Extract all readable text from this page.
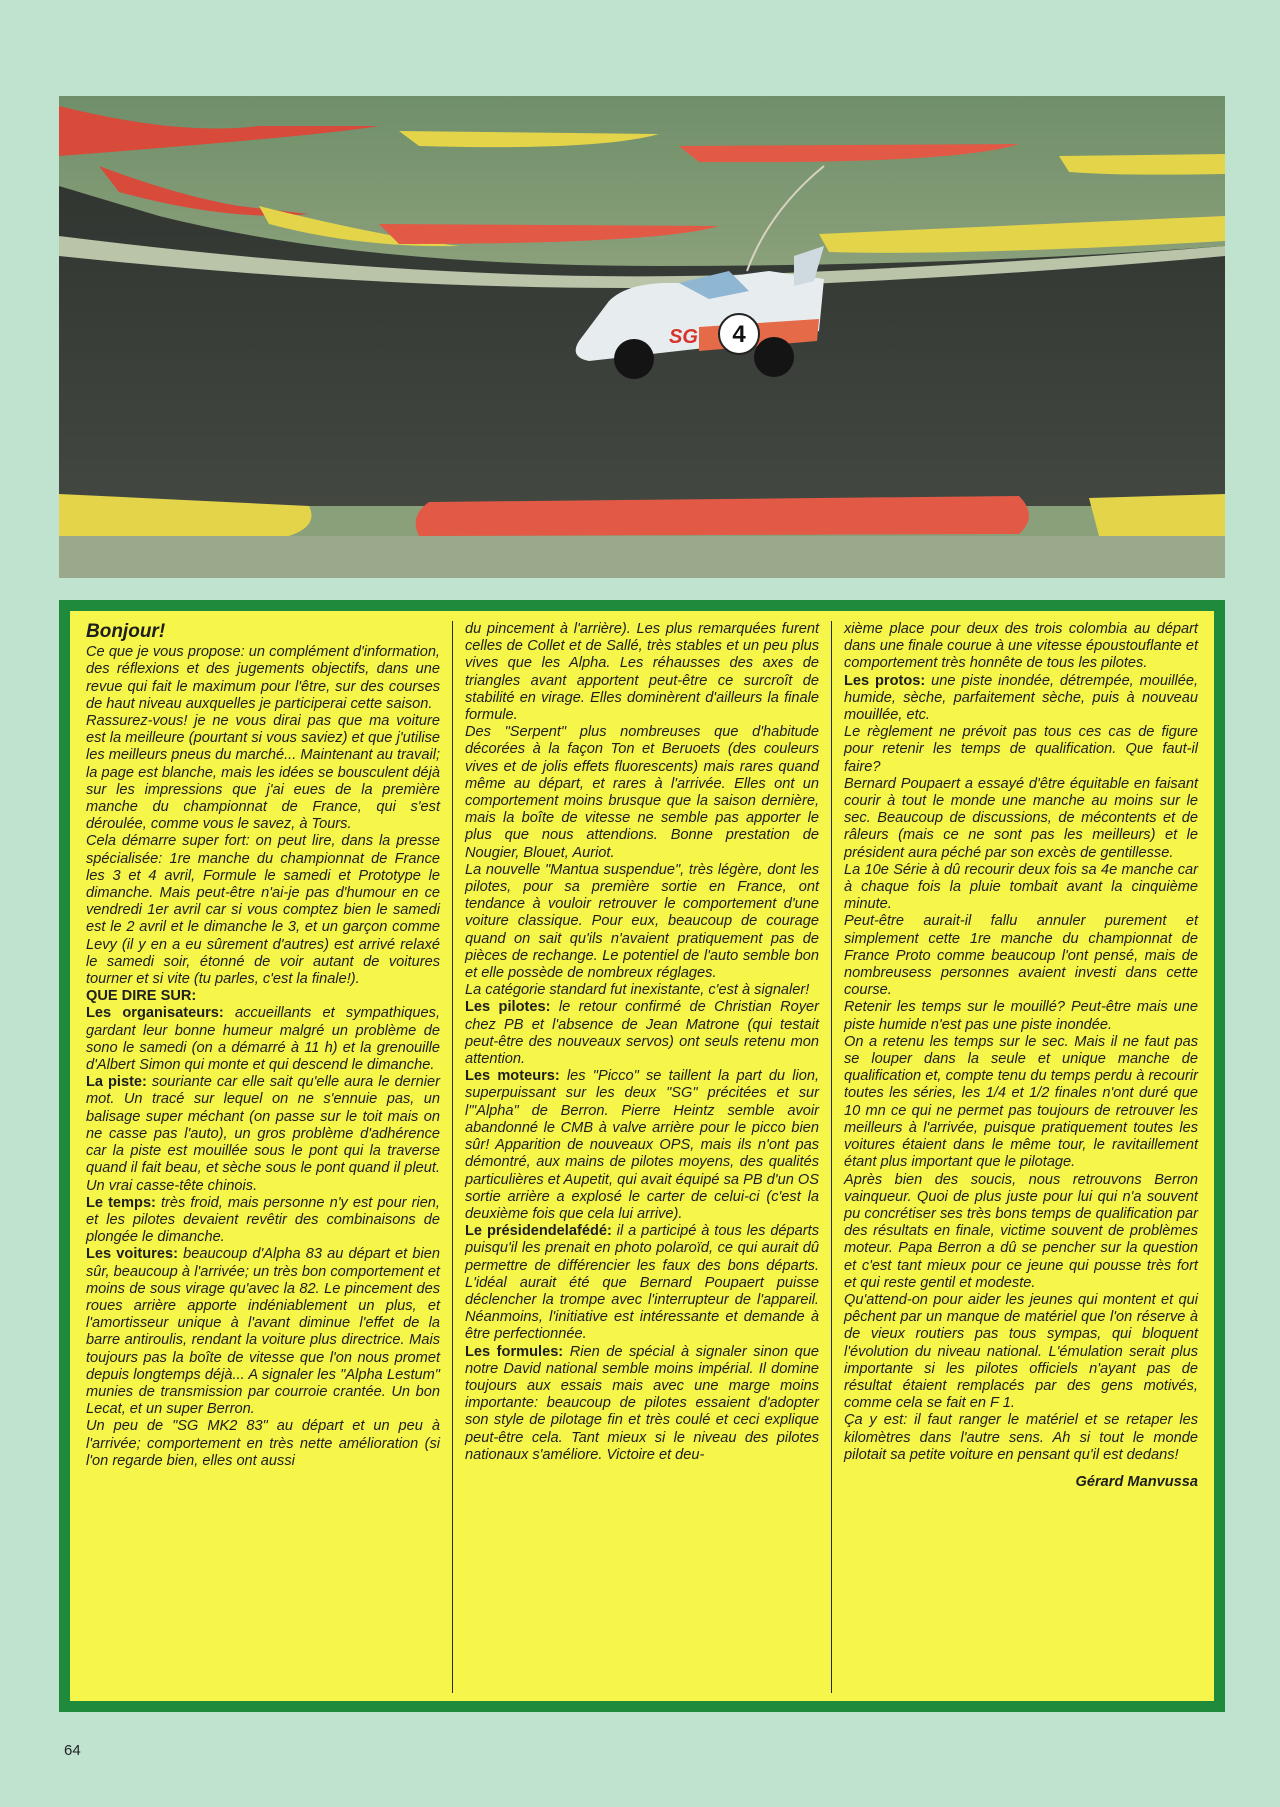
4
SG
Bonjour!

Ce que je vous propose: un complément d'information, des réflexions et des jugements objectifs, dans une revue qui fait le maximum pour l'être, sur des courses de haut niveau auxquelles je participerai cette saison.

Rassurez-vous! je ne vous dirai pas que ma voiture est la meilleure (pourtant si vous saviez) et que j'utilise les meilleurs pneus du marché... Maintenant au travail; la page est blanche, mais les idées se bousculent déjà sur les impressions que j'ai eues de la première manche du championnat de France, qui s'est déroulée, comme vous le savez, à Tours.

Cela démarre super fort: on peut lire, dans la presse spécialisée: 1re manche du championnat de France les 3 et 4 avril, Formule le samedi et Prototype le dimanche. Mais peut-être n'ai-je pas d'humour en ce vendredi 1er avril car si vous comptez bien le samedi est le 2 avril et le dimanche le 3, et un garçon comme Levy (il y en a eu sûrement d'autres) est arrivé relaxé le samedi soir, étonné de voir autant de voitures tourner et si vite (tu parles, c'est la finale!).

QUE DIRE SUR:

Les organisateurs: accueillants et sympathiques, gardant leur bonne humeur malgré un problème de sono le samedi (on a démarré à 11 h) et la grenouille d'Albert Simon qui monte et qui descend le dimanche.

La piste: souriante car elle sait qu'elle aura le dernier mot. Un tracé sur lequel on ne s'ennuie pas, un balisage super méchant (on passe sur le toit mais on ne casse pas l'auto), un gros problème d'adhérence car la piste est mouillée sous le pont qui la traverse quand il fait beau, et sèche sous le pont quand il pleut. Un vrai casse-tête chinois.

Le temps: très froid, mais personne n'y est pour rien, et les pilotes devaient revêtir des combinaisons de plongée le dimanche.

Les voitures: beaucoup d'Alpha 83 au départ et bien sûr, beaucoup à l'arrivée; un très bon comportement et moins de sous virage qu'avec la 82. Le pincement des roues arrière apporte indéniablement un plus, et l'amortisseur unique à l'avant diminue l'effet de la barre antiroulis, rendant la voiture plus directrice. Mais toujours pas la boîte de vitesse que l'on nous promet depuis longtemps déjà... A signaler les "Alpha Lestum" munies de transmission par courroie crantée. Un bon Lecat, et un super Berron.

Un peu de "SG MK2 83" au départ et un peu à l'arrivée; comportement en très nette amélioration (si l'on regarde bien, elles ont aussi

du pincement à l'arrière). Les plus remarquées furent celles de Collet et de Sallé, très stables et un peu plus vives que les Alpha. Les réhausses des axes de triangles avant apportent peut-être ce surcroît de stabilité en virage. Elles dominèrent d'ailleurs la finale formule.

Des "Serpent" plus nombreuses que d'habitude décorées à la façon Ton et Beruoets (des couleurs vives et de jolis effets fluorescents) mais rares quand même au départ, et rares à l'arrivée. Elles ont un comportement moins brusque que la saison dernière, mais la boîte de vitesse ne semble pas apporter le plus que nous attendions. Bonne prestation de Nougier, Blouet, Auriot.

La nouvelle "Mantua suspendue", très légère, dont les pilotes, pour sa première sortie en France, ont tendance à vouloir retrouver le comportement d'une voiture classique. Pour eux, beaucoup de courage quand on sait qu'ils n'avaient pratiquement pas de pièces de rechange. Le potentiel de l'auto semble bon et elle possède de nombreux réglages.

La catégorie standard fut inexistante, c'est à signaler!

Les pilotes: le retour confirmé de Christian Royer chez PB et l'absence de Jean Matrone (qui testait peut-être des nouveaux servos) ont seuls retenu mon attention.

Les moteurs: les "Picco" se taillent la part du lion, superpuissant sur les deux "SG" précitées et sur l'"Alpha" de Berron. Pierre Heintz semble avoir abandonné le CMB à valve arrière pour le picco bien sûr! Apparition de nouveaux OPS, mais ils n'ont pas démontré, aux mains de pilotes moyens, des qualités particulières et Aupetit, qui avait équipé sa PB d'un OS sortie arrière a explosé le carter de celui-ci (c'est la deuxième fois que cela lui arrive).

Le présidendelafédé: il a participé à tous les départs puisqu'il les prenait en photo polaroïd, ce qui aurait dû permettre de différencier les faux des bons départs. L'idéal aurait été que Bernard Poupaert puisse déclencher la trompe avec l'interrupteur de l'appareil. Néanmoins, l'initiative est intéressante et demande à être perfectionnée.

Les formules: Rien de spécial à signaler sinon que notre David national semble moins impérial. Il domine toujours aux essais mais avec une marge moins importante: beaucoup de pilotes essaient d'adopter son style de pilotage fin et très coulé et ceci explique peut-être cela. Tant mieux si le niveau des pilotes nationaux s'améliore. Victoire et deu-

xième place pour deux des trois colombia au départ dans une finale courue à une vitesse époustouflante et comportement très honnête de tous les pilotes.

Les protos: une piste inondée, détrempée, mouillée, humide, sèche, parfaitement sèche, puis à nouveau mouillée, etc.

Le règlement ne prévoit pas tous ces cas de figure pour retenir les temps de qualification. Que faut-il faire?

Bernard Poupaert a essayé d'être équitable en faisant courir à tout le monde une manche au moins sur le sec. Beaucoup de discussions, de mécontents et de râleurs (mais ce ne sont pas les meilleurs) et le président aura péché par son excès de gentillesse.

La 10e Série à dû recourir deux fois sa 4e manche car à chaque fois la pluie tombait avant la cinquième minute.

Peut-être aurait-il fallu annuler purement et simplement cette 1re manche du championnat de France Proto comme beaucoup l'ont pensé, mais de nombreusess personnes avaient investi dans cette course.

Retenir les temps sur le mouillé? Peut-être mais une piste humide n'est pas une piste inondée.

On a retenu les temps sur le sec. Mais il ne faut pas se louper dans la seule et unique manche de qualification et, compte tenu du temps perdu à recourir toutes les séries, les 1/4 et 1/2 finales n'ont duré que 10 mn ce qui ne permet pas toujours de retrouver les meilleurs à l'arrivée, puisque pratiquement toutes les voitures étaient dans le même tour, le ravitaillement étant plus important que le pilotage.

Après bien des soucis, nous retrouvons Berron vainqueur. Quoi de plus juste pour lui qui n'a souvent pu concrétiser ses très bons temps de qualification par des résultats en finale, victime souvent de problèmes moteur. Papa Berron a dû se pencher sur la question et c'est tant mieux pour ce jeune qui pousse très fort et qui reste gentil et modeste.

Qu'attend-on pour aider les jeunes qui montent et qui pêchent par un manque de matériel que l'on réserve à de vieux routiers pas tous sympas, qui bloquent l'évolution du niveau national. L'émulation serait plus importante si les pilotes officiels n'ayant pas de résultat étaient remplacés par des gens motivés, comme cela se fait en F 1.

Ça y est: il faut ranger le matériel et se retaper les kilomètres dans l'autre sens. Ah si tout le monde pilotait sa petite voiture en pensant qu'il est dedans!

Gérard Manvussa
64
